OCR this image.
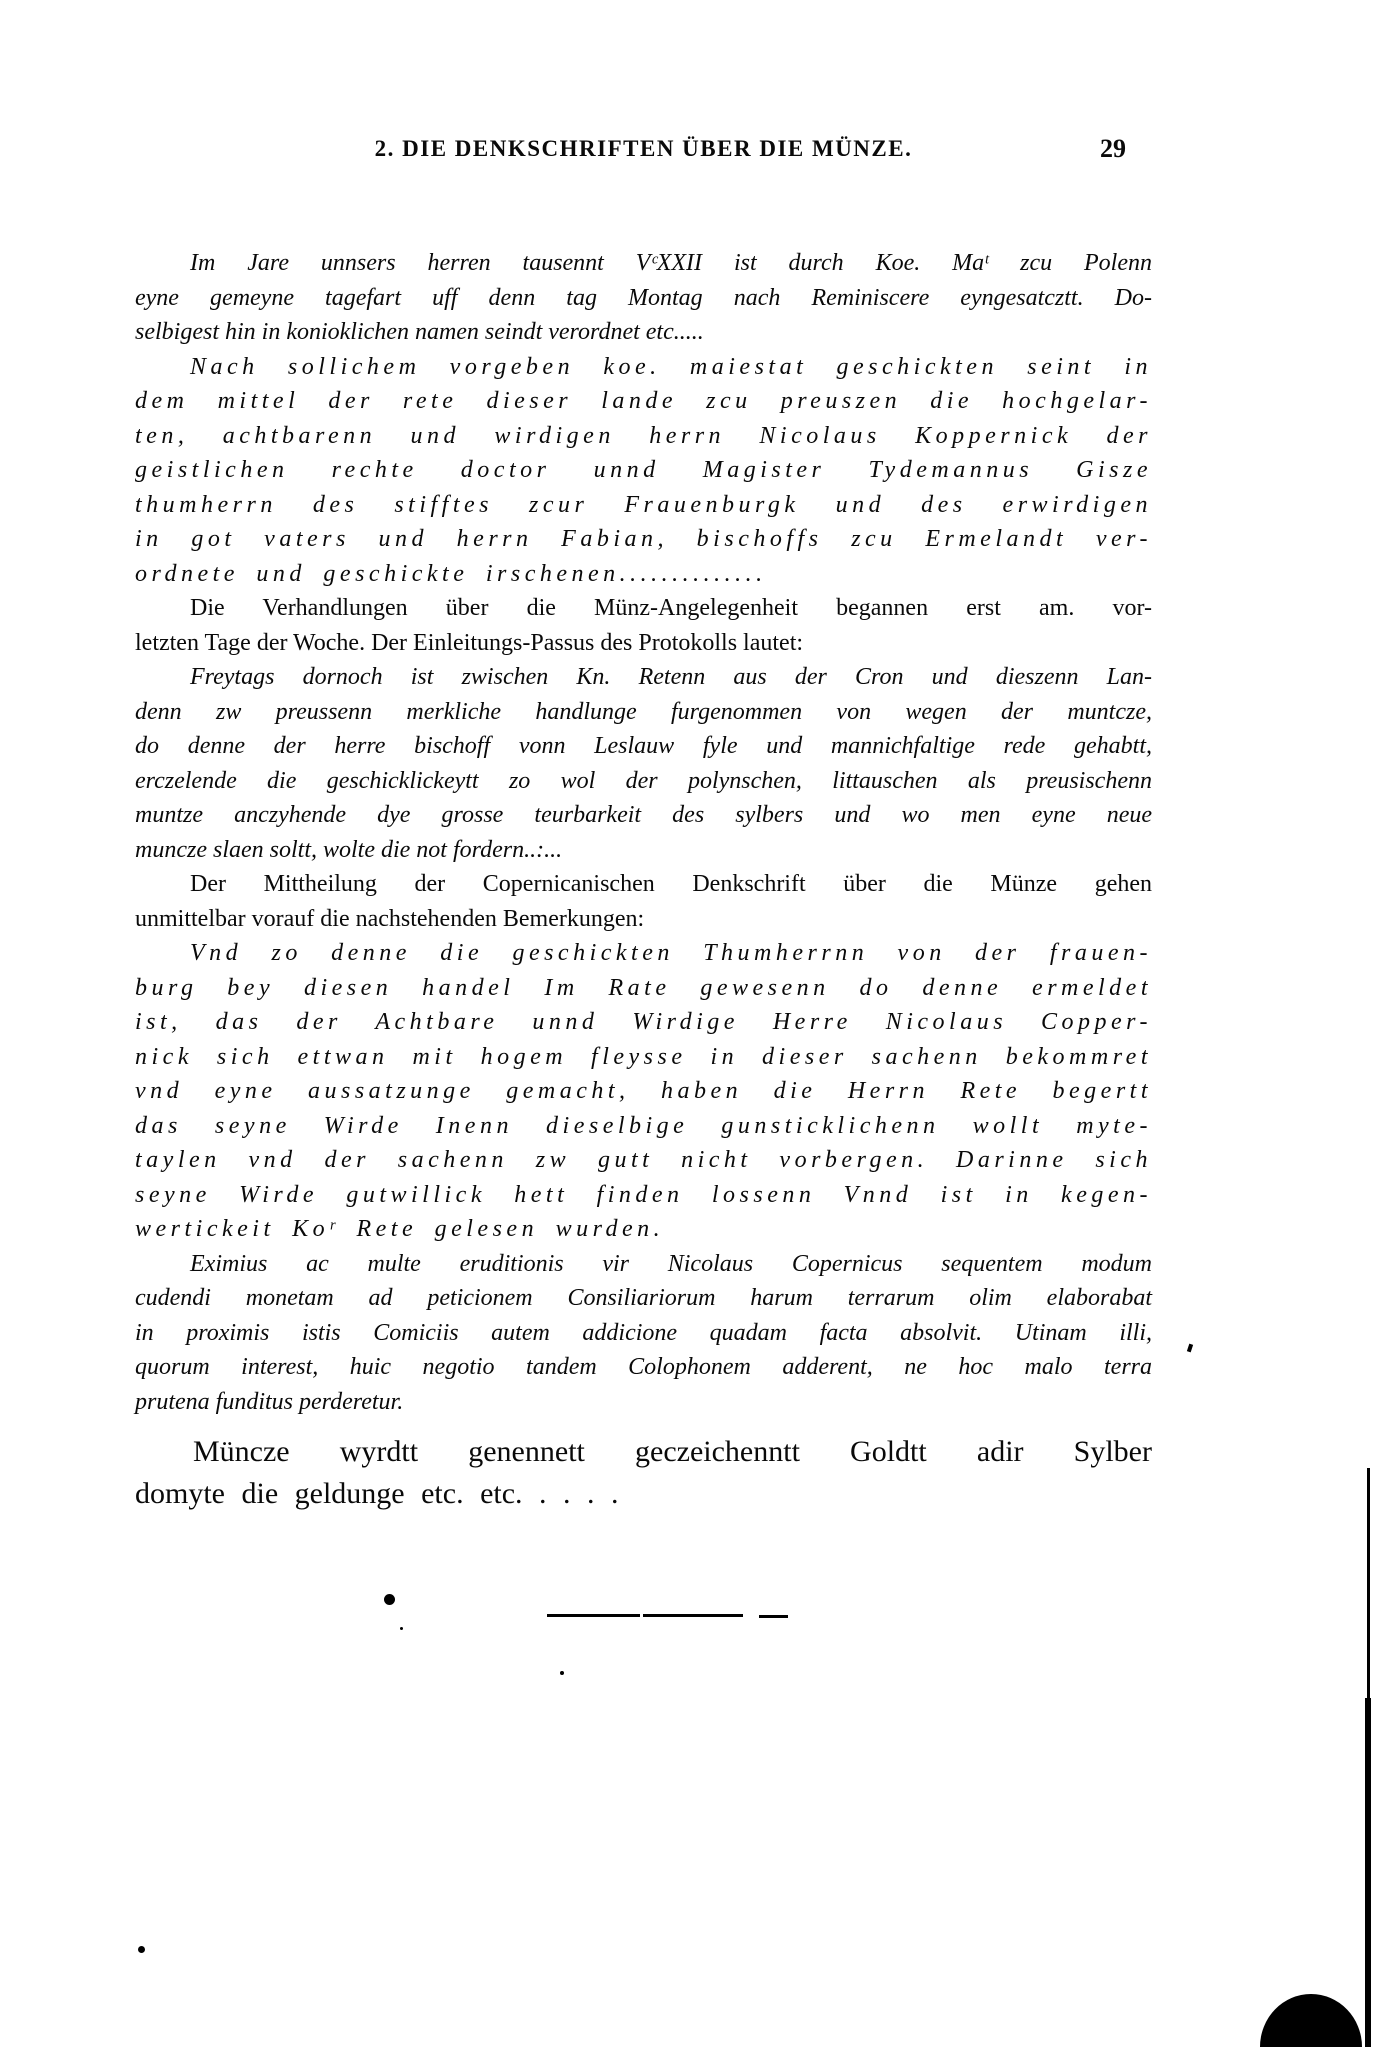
2. DIE DENKSCHRIFTEN ÜBER DIE MÜNZE.	29
Im Jare unnsers herren tausennt VᶜXXII ist durch Koe. Maᵗ zcu Polenn
eyne gemeyne tagefart uff denn tag Montag nach Reminiscere eyngesatcztt. Do-
selbigest hin in konioklichen namen seindt verordnet etc.....
Nach sollichem vorgeben koe. maiestat geschickten seint in
dem mittel der rete dieser lande zcu preuszen die hochgelar-
ten, achtbarenn und wirdigen herrn Nicolaus Koppernick der
geistlichen rechte doctor unnd Magister Tydemannus Gisze
thumherrn des stifftes zcur Frauenburgk und des erwirdigen
in got vaters und herrn Fabian, bischoffs zcu Ermelandt ver-
ordnete und geschickte irschenen..............
Die Verhandlungen über die Münz-Angelegenheit begannen erst am. vor-
letzten Tage der Woche. Der Einleitungs-Passus des Protokolls lautet:
Freytags dornoch ist zwischen Kn. Retenn aus der Cron und dieszenn Lan-
denn zw preussenn merkliche handlunge furgenommen von wegen der muntcze,
do denne der herre bischoff vonn Leslauw fyle und mannichfaltige rede gehabtt,
erczelende die geschicklickeytt zo wol der polynschen, littauschen als preusischenn
muntze anczyhende dye grosse teurbarkeit des sylbers und wo men eyne neue
muncze slaen soltt, wolte die not fordern..:...
Der Mittheilung der Copernicanischen Denkschrift über die Münze gehen
unmittelbar vorauf die nachstehenden Bemerkungen:
Vnd zo denne die geschickten Thumherrnn von der frauen-
burg bey diesen handel Im Rate gewesenn do denne ermeldet
ist, das der Achtbare unnd Wirdige Herre Nicolaus Copper-
nick sich ettwan mit hogem fleysse in dieser sachenn bekommret
vnd eyne aussatzunge gemacht, haben die Herrn Rete begertt
das seyne Wirde Inenn dieselbige gunsticklichenn wollt myte-
taylen vnd der sachenn zw gutt nicht vorbergen. Darinne sich
seyne Wirde gutwillick hett finden lossenn Vnnd ist in kegen-
wertickeit Koʳ Rete gelesen wurden.
Eximius ac multe eruditionis vir Nicolaus Copernicus sequentem modum
cudendi monetam ad peticionem Consiliariorum harum terrarum olim elaborabat
in proximis istis Comiciis autem addicione quadam facta absolvit. Utinam illi,
quorum interest, huic negotio tandem Colophonem adderent, ne hoc malo terra
prutena funditus perderetur.
Müncze wyrdtt genennett geczeichenntt Goldtt adir Sylber
domyte die geldunge etc. etc. . . . .
